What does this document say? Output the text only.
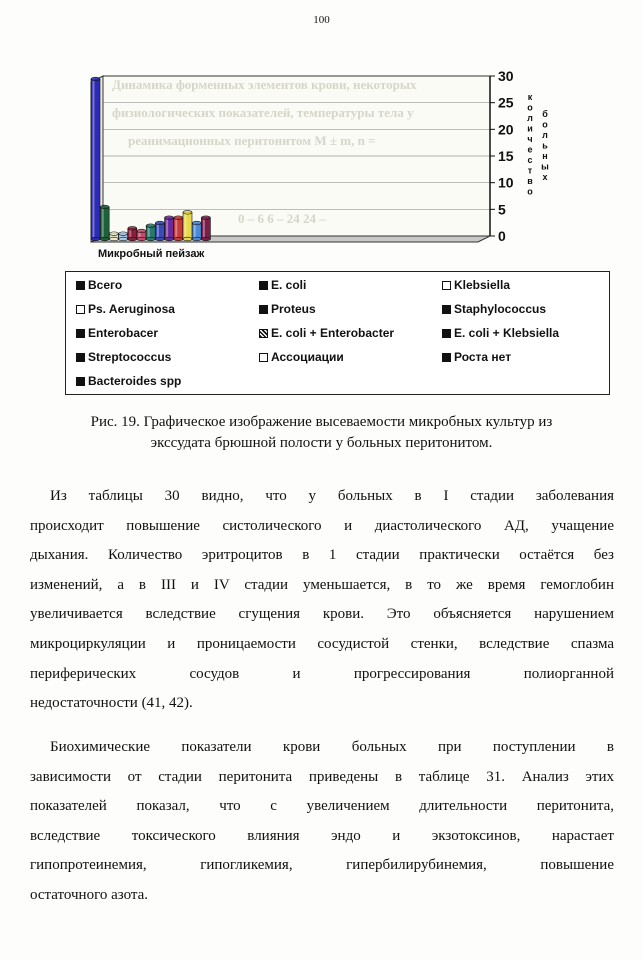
100
Динамика форменных элементов крови, некоторых
физиологических показателей, температуры тела у
реанимационных перитонитом М ± m, n =
0 – 6 6 – 24 24 –
0
5
10
15
20
25
30
к о л и ч е с т в о
б о л ь н ы х
Микробный пейзаж
Всего	E. coli	Klebsiella
Ps. Aeruginosa	Proteus	Staphylococcus
Enterobacer	E. coli + Enterobacter	E. coli + Klebsiella
Streptococcus	Ассоциации	Роста нет
Bacteroides spp
Рис. 19. Графическое изображение высеваемости микробных культур из
экссудата брюшной полости у больных перитонитом.
Из таблицы 30 видно, что у больных в I стадии заболевания
происходит повышение систолического и диастолического АД, учащение
дыхания. Количество эритроцитов в 1 стадии практически остаётся без
изменений, а в III и IV стадии уменьшается, в то же время гемоглобин
увеличивается вследствие сгущения крови. Это объясняется нарушением
микроциркуляции и проницаемости сосудистой стенки, вследствие спазма
периферических сосудов и прогрессирования полиорганной
недостаточности (41, 42).
Биохимические показатели крови больных при поступлении в
зависимости от стадии перитонита приведены в таблице 31. Анализ этих
показателей показал, что с увеличением длительности перитонита,
вследствие токсического влияния эндо и экзотоксинов, нарастает
гипопротеинемия, гипогликемия, гипербилирубинемия, повышение
остаточного азота.
